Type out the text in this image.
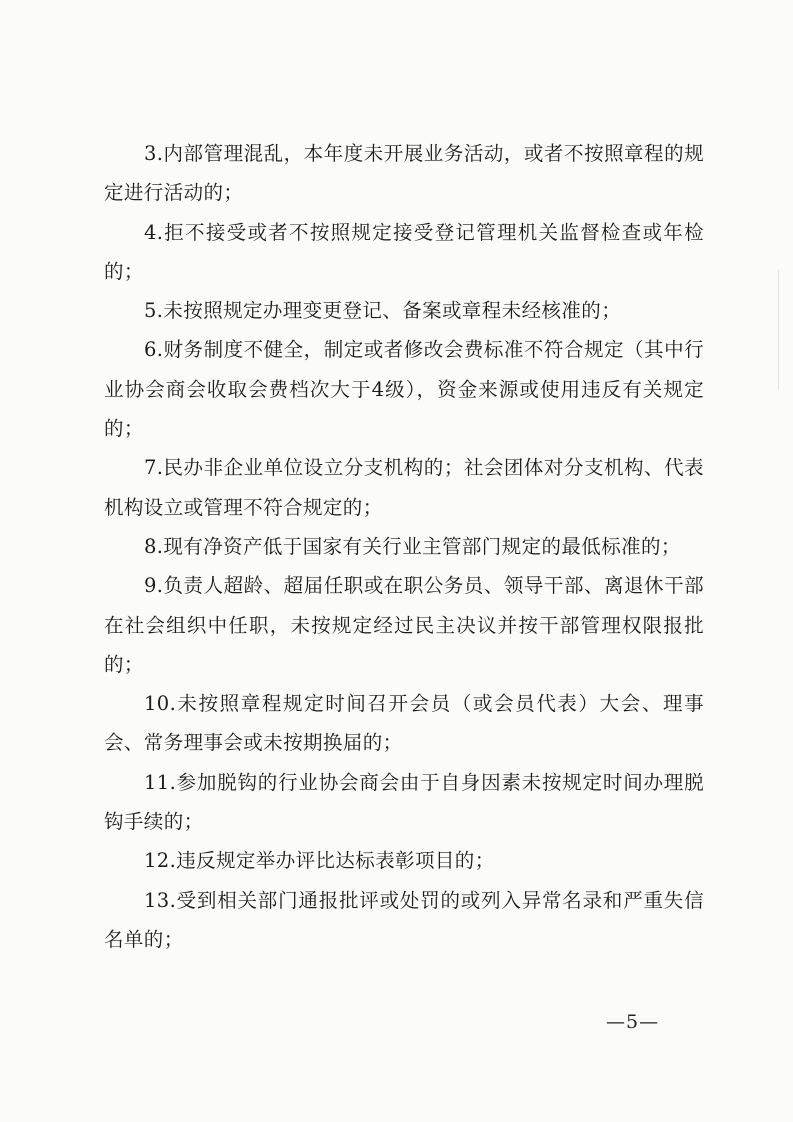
3.内部管理混乱，本年度未开展业务活动，或者不按照章程的规定进行活动的；

4.拒不接受或者不按照规定接受登记管理机关监督检查或年检的；

5.未按照规定办理变更登记、备案或章程未经核准的；

6.财务制度不健全，制定或者修改会费标准不符合规定（其中行业协会商会收取会费档次大于4级），资金来源或使用违反有关规定的；

7.民办非企业单位设立分支机构的；社会团体对分支机构、代表机构设立或管理不符合规定的；

8.现有净资产低于国家有关行业主管部门规定的最低标准的；

9.负责人超龄、超届任职或在职公务员、领导干部、离退休干部在社会组织中任职，未按规定经过民主决议并按干部管理权限报批的；

10.未按照章程规定时间召开会员（或会员代表）大会、理事会、常务理事会或未按期换届的；

11.参加脱钩的行业协会商会由于自身因素未按规定时间办理脱钩手续的；

12.违反规定举办评比达标表彰项目的；

13.受到相关部门通报批评或处罚的或列入异常名录和严重失信名单的；

—5—
